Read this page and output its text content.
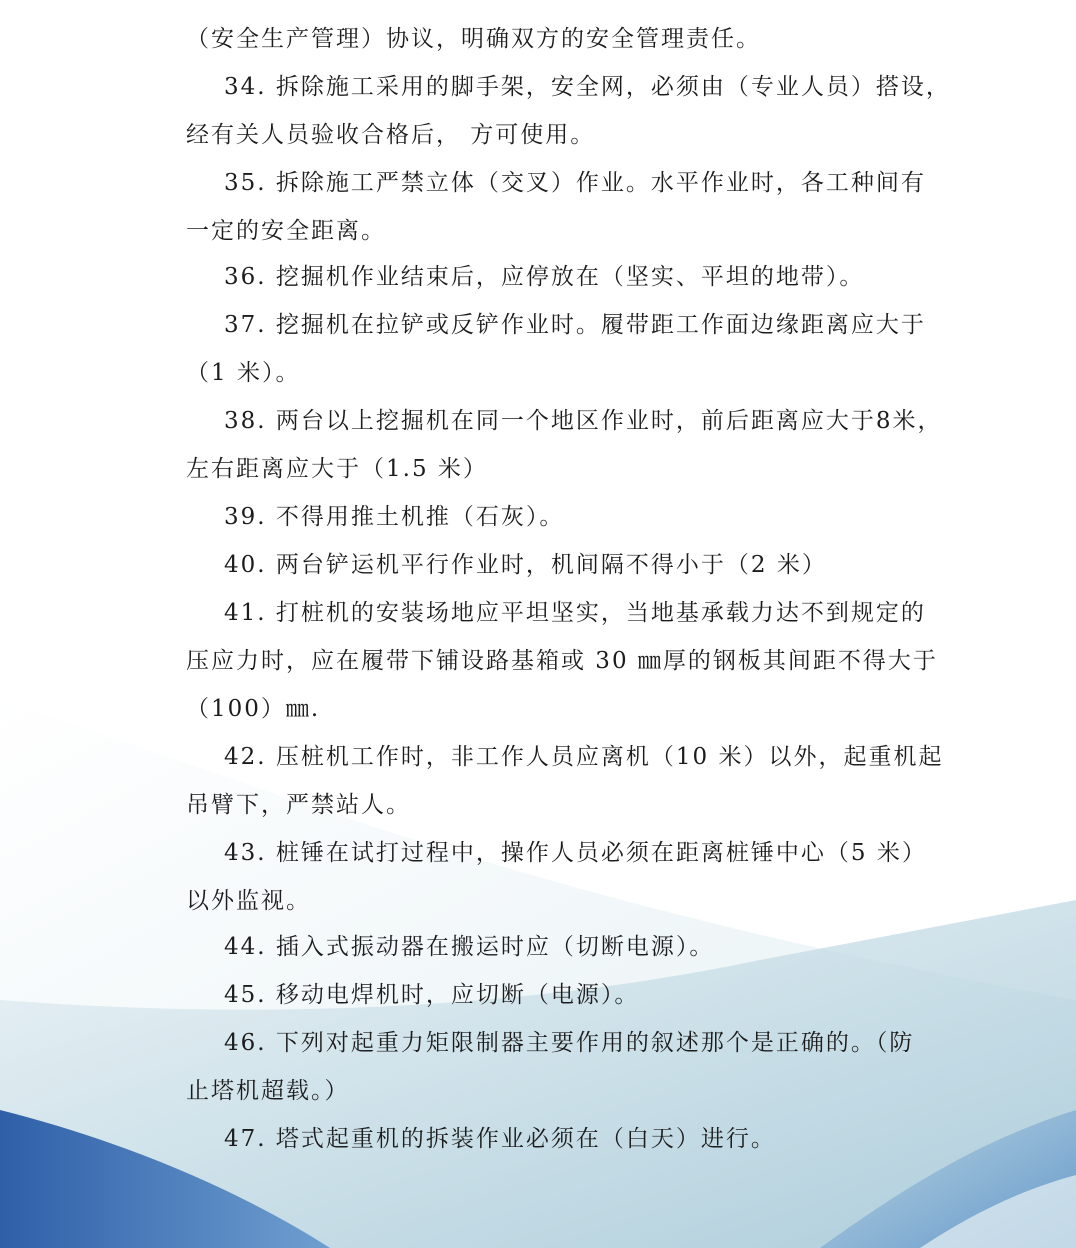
（安全生产管理）协议，明确双方的安全管理责任。
34. 拆除施工采用的脚手架，安全网，必须由（专业人员）搭设，
经有关人员验收合格后， 方可使用。
35. 拆除施工严禁立体（交叉）作业。水平作业时，各工种间有
一定的安全距离。
36. 挖掘机作业结束后，应停放在（坚实、平坦的地带）。
37. 挖掘机在拉铲或反铲作业时。履带距工作面边缘距离应大于
（1 米）。
38. 两台以上挖掘机在同一个地区作业时，前后距离应大于8米，
左右距离应大于（1.5 米）
39. 不得用推土机推（石灰）。
40. 两台铲运机平行作业时，机间隔不得小于（2 米）
41. 打桩机的安装场地应平坦坚实，当地基承载力达不到规定的
压应力时，应在履带下铺设路基箱或 30 ㎜厚的钢板其间距不得大于
（100）㎜.
42. 压桩机工作时，非工作人员应离机（10 米）以外，起重机起
吊臂下，严禁站人。
43. 桩锤在试打过程中，操作人员必须在距离桩锤中心（5 米）
以外监视。
44. 插入式振动器在搬运时应（切断电源）。
45. 移动电焊机时，应切断（电源）。
46. 下列对起重力矩限制器主要作用的叙述那个是正确的。（防
止塔机超载。）
47. 塔式起重机的拆装作业必须在（白天）进行。
